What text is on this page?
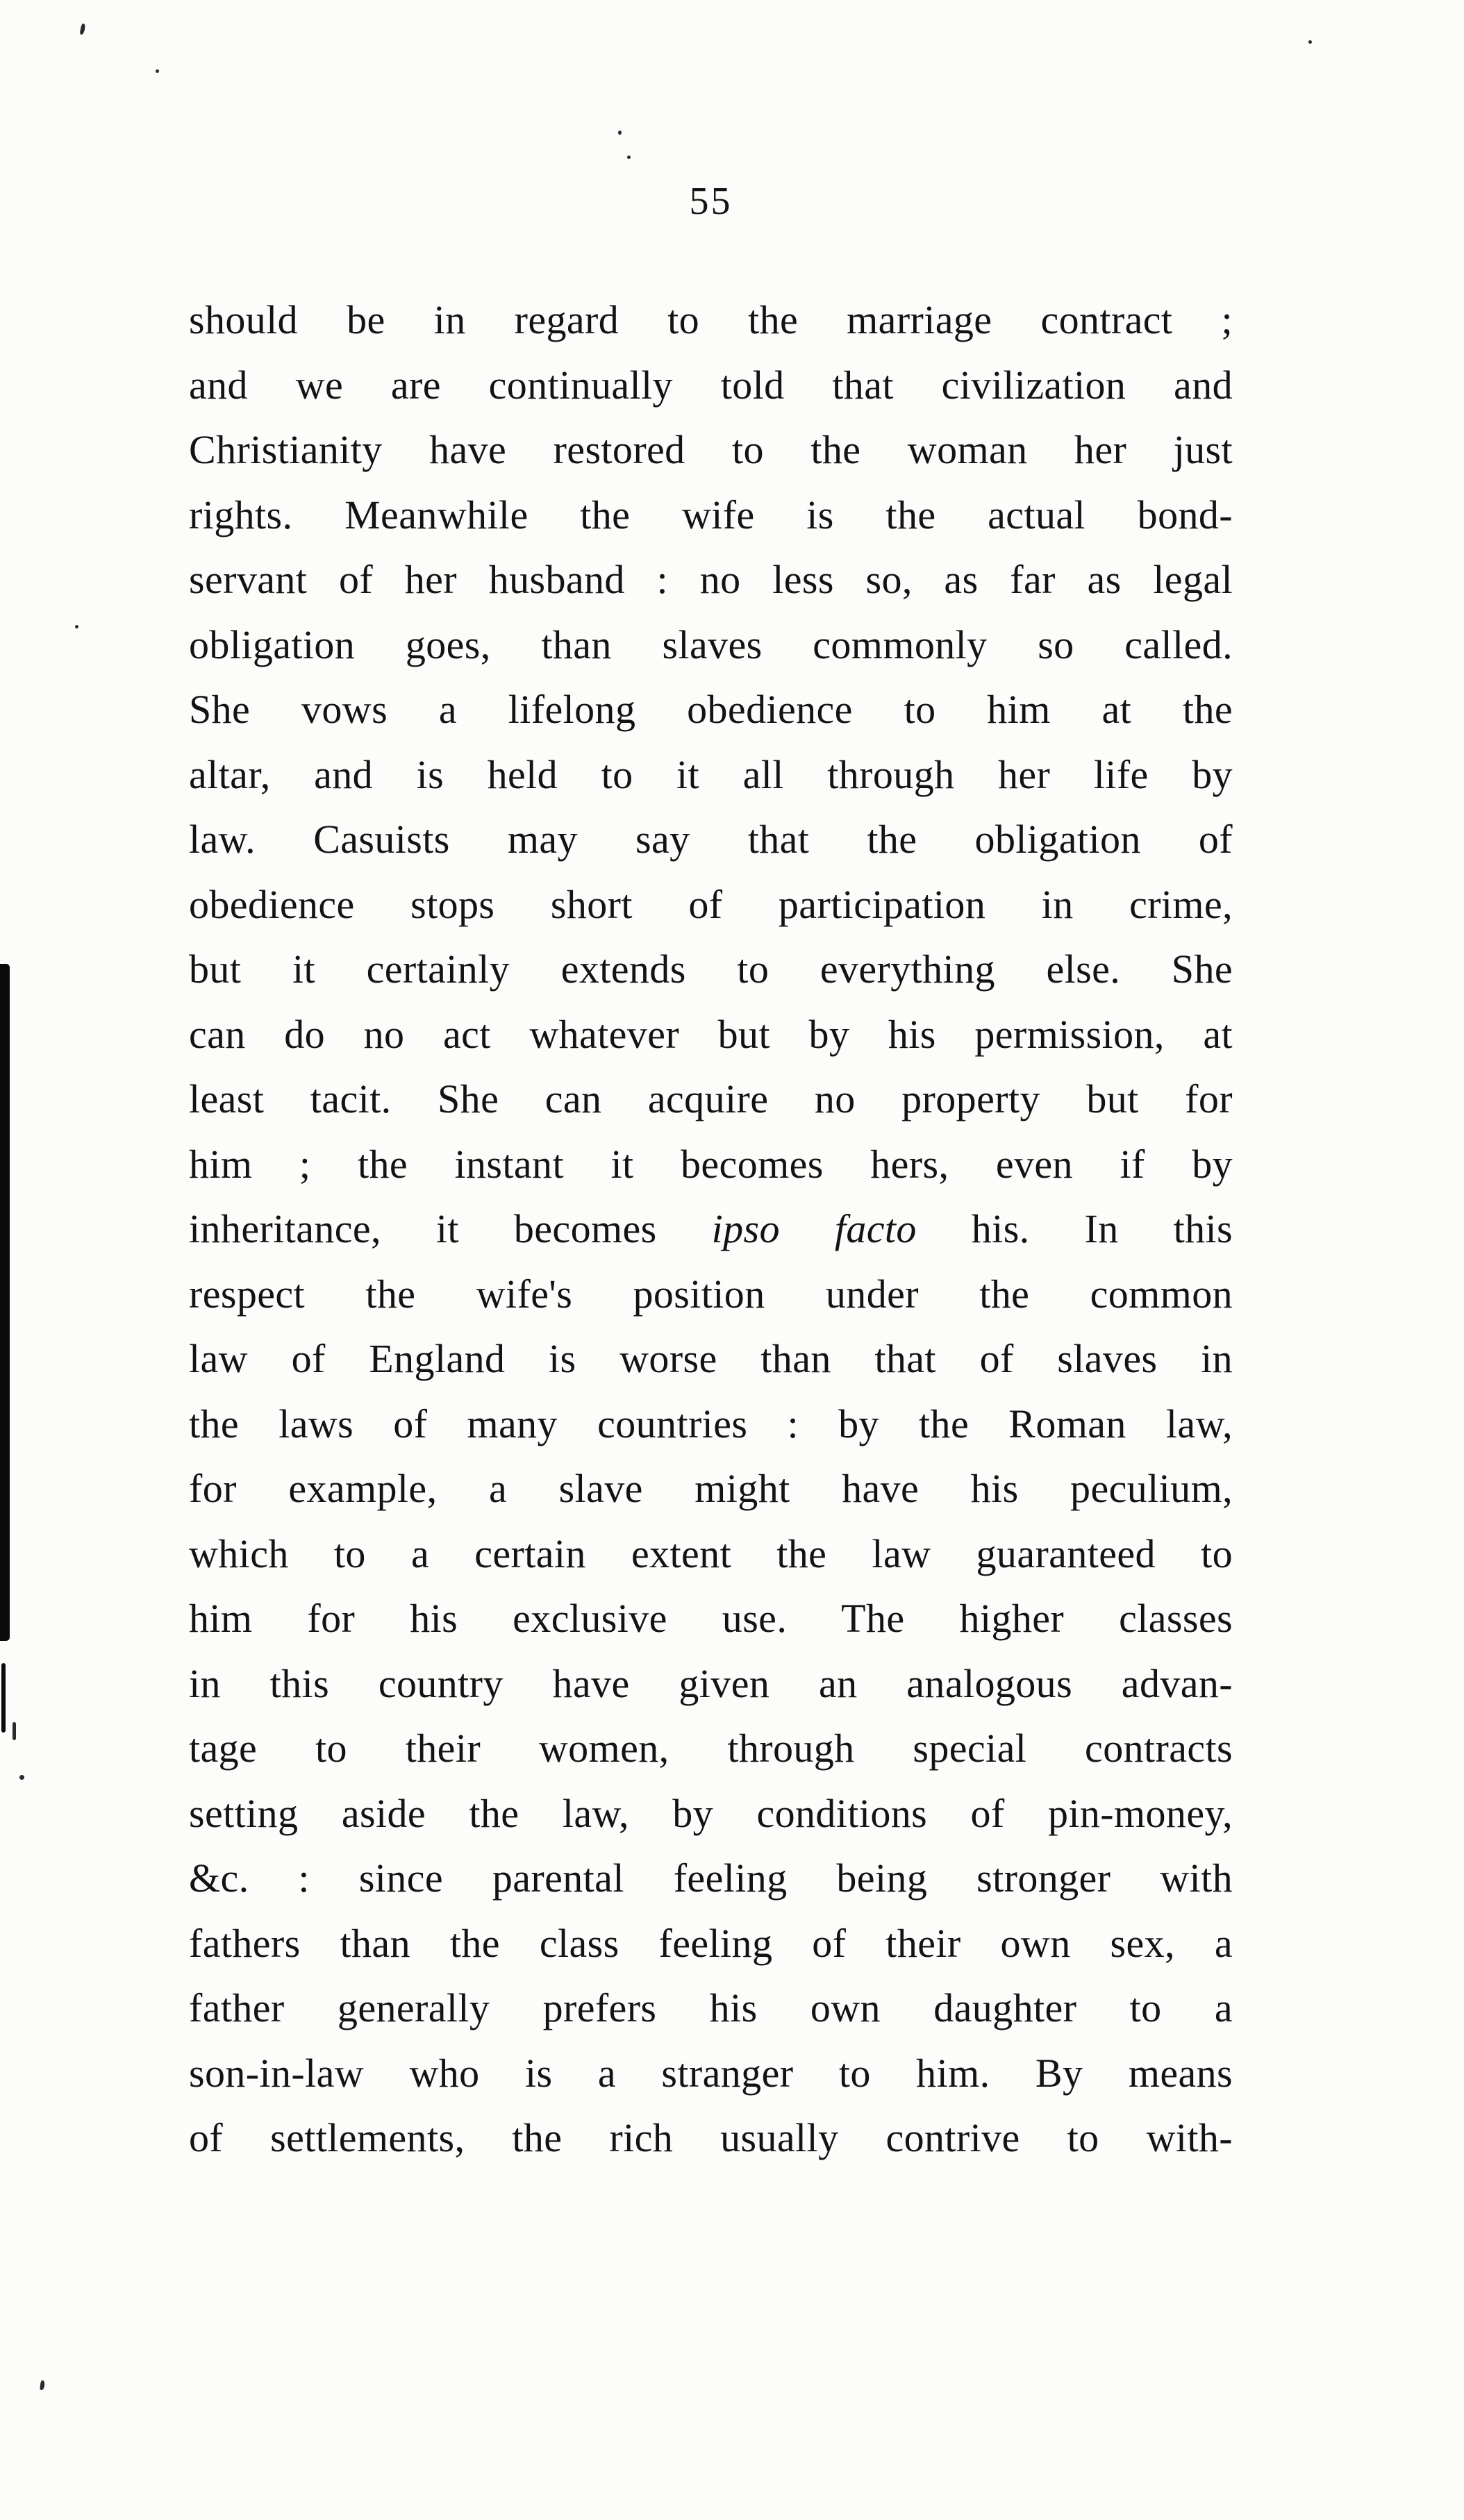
55
should be in regard to the marriage contract ;
and we are continually told that civilization and
Christianity have restored to the woman her just
rights. Meanwhile the wife is the actual bond-
servant of her husband : no less so, as far as legal
obligation goes, than slaves commonly so called.
She vows a lifelong obedience to him at the
altar, and is held to it all through her life by
law. Casuists may say that the obligation of
obedience stops short of participation in crime,
but it certainly extends to everything else. She
can do no act whatever but by his permission, at
least tacit. She can acquire no property but for
him ; the instant it becomes hers, even if by
inheritance, it becomes ipso facto his. In this
respect the wife's position under the common
law of England is worse than that of slaves in
the laws of many countries : by the Roman law,
for example, a slave might have his peculium,
which to a certain extent the law guaranteed to
him for his exclusive use. The higher classes
in this country have given an analogous advan-
tage to their women, through special contracts
setting aside the law, by conditions of pin-money,
&c. : since parental feeling being stronger with
fathers than the class feeling of their own sex, a
father generally prefers his own daughter to a
son-in-law who is a stranger to him. By means
of settlements, the rich usually contrive to with-
